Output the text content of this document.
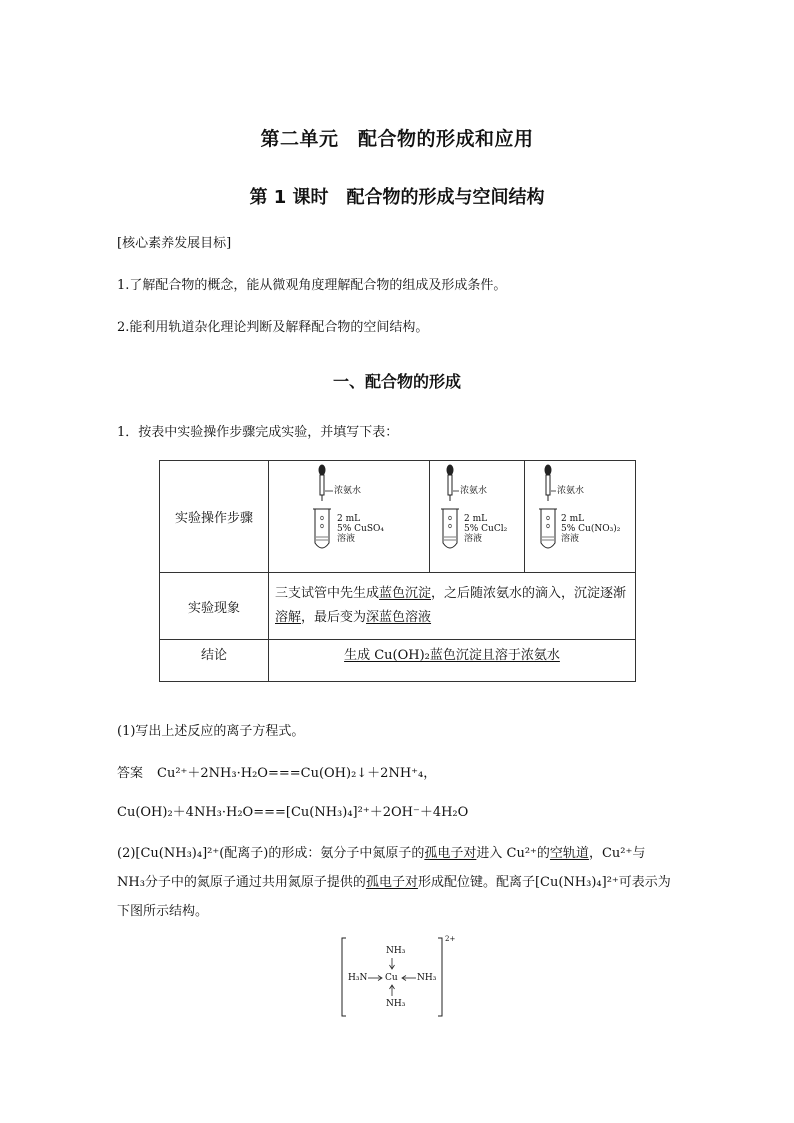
第二单元　配合物的形成和应用
第 1 课时　配合物的形成与空间结构
[核心素养发展目标]
1.了解配合物的概念，能从微观角度理解配合物的组成及形成条件。
2.能利用轨道杂化理论判断及解释配合物的空间结构。
一、配合物的形成
1．按表中实验操作步骤完成实验，并填写下表：
实验操作步骤	浓氨水
2 mL
5% CuSO₄
溶液	浓氨水
2 mL
5% CuCl₂
溶液	浓氨水
2 mL
5% Cu(NO₃)₂
溶液

实验现象	三支试管中先生成蓝色沉淀，之后随浓氨水的滴入，沉淀逐渐溶解，最后变为深蓝色溶液		
结论	生成 Cu(OH)₂蓝色沉淀且溶于浓氨水		
(1)写出上述反应的离子方程式。
答案 Cu²⁺＋2NH₃·H₂O===Cu(OH)₂↓＋2NH⁺₄，
Cu(OH)₂＋4NH₃·H₂O===[Cu(NH₃)₄]²⁺＋2OH⁻＋4H₂O
(2)[Cu(NH₃)₄]²⁺(配离子)的形成：氨分子中氮原子的孤电子对进入 Cu²⁺的空轨道，Cu²⁺与 NH₃分子中的氮原子通过共用氮原子提供的孤电子对形成配位键。配离子[Cu(NH₃)₄]²⁺可表示为下图所示结构。
NH₃
NH₃
H₃N	NH₃
Cu
2+
